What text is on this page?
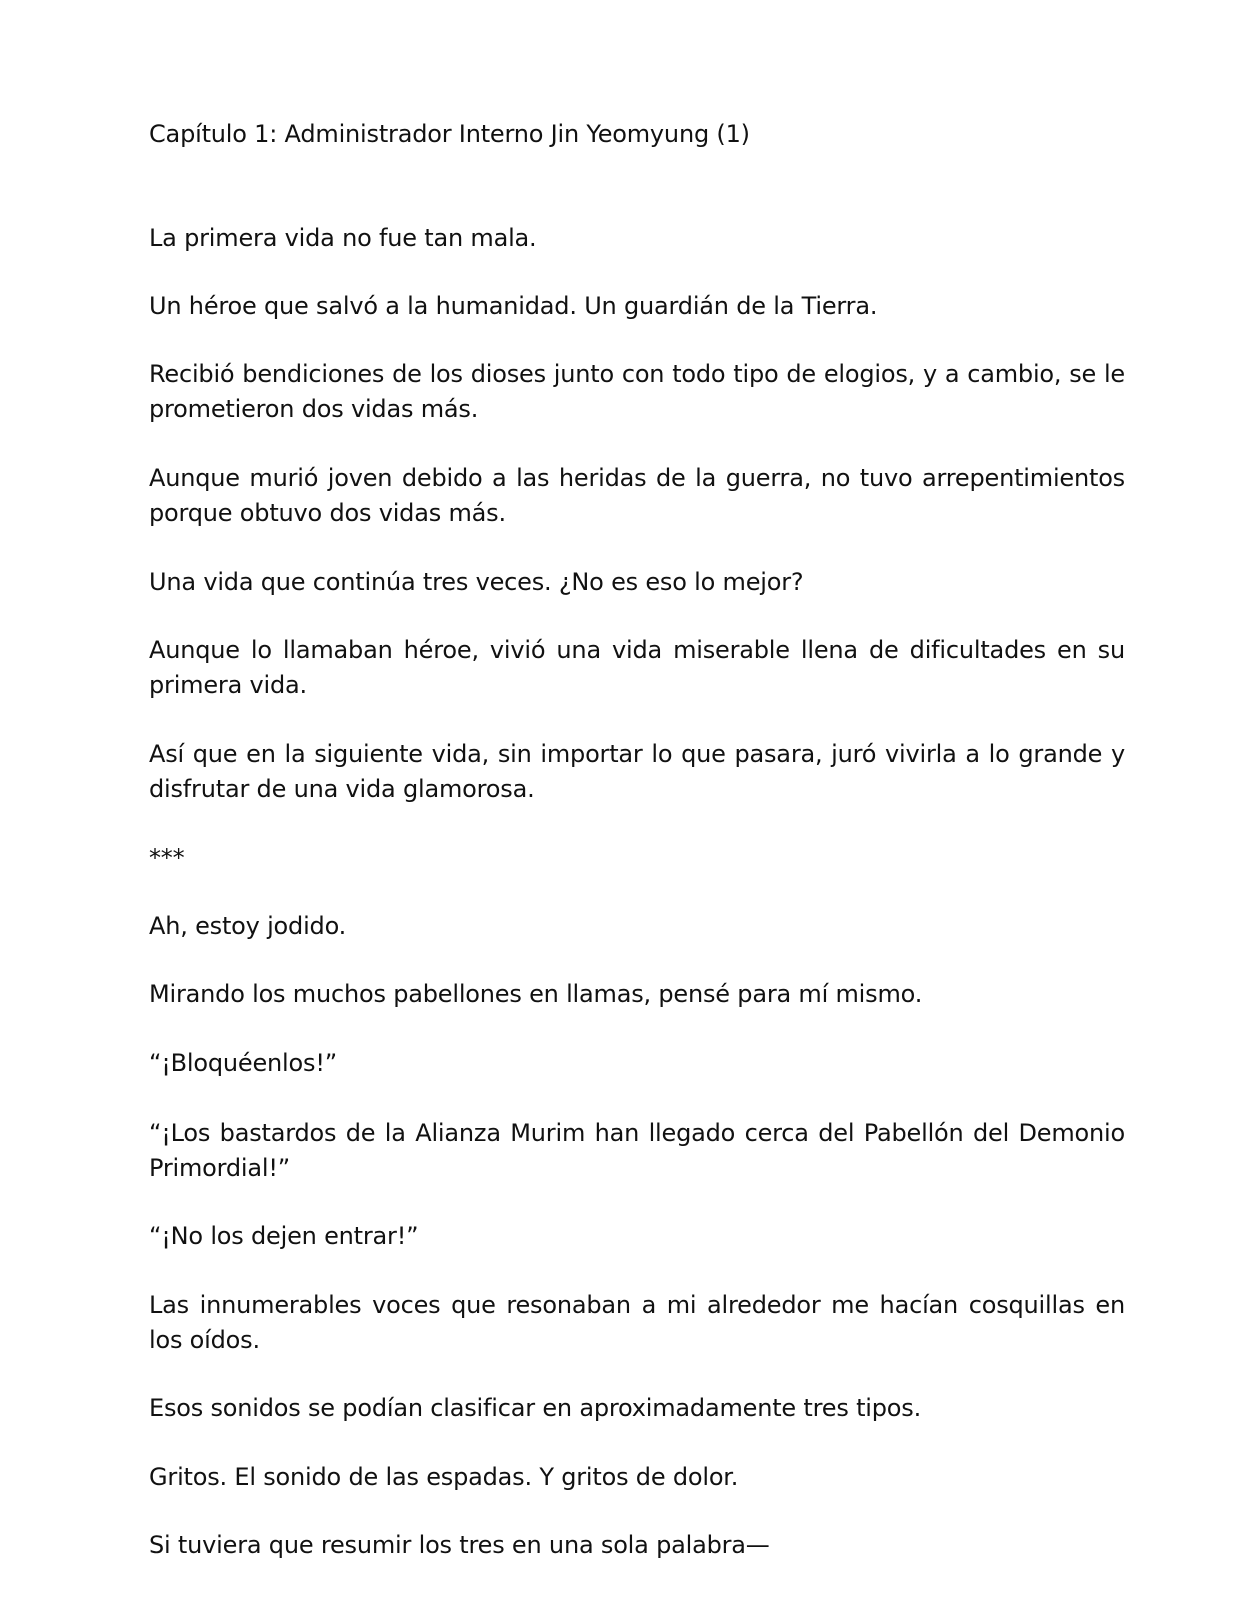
Capítulo 1: Administrador Interno Jin Yeomyung (1)

La primera vida no fue tan mala.

Un héroe que salvó a la humanidad. Un guardián de la Tierra.

Recibió bendiciones de los dioses junto con todo tipo de elogios, y a cambio, se le prometieron dos vidas más.

Aunque murió joven debido a las heridas de la guerra, no tuvo arrepentimientos porque obtuvo dos vidas más.

Una vida que continúa tres veces. ¿No es eso lo mejor?

Aunque lo llamaban héroe, vivió una vida miserable llena de dificultades en su primera vida.

Así que en la siguiente vida, sin importar lo que pasara, juró vivirla a lo grande y disfrutar de una vida glamorosa.

***

Ah, estoy jodido.

Mirando los muchos pabellones en llamas, pensé para mí mismo.

“¡Bloquéenlos!”

“¡Los bastardos de la Alianza Murim han llegado cerca del Pabellón del Demonio Primordial!”

“¡No los dejen entrar!”

Las innumerables voces que resonaban a mi alrededor me hacían cosquillas en los oídos.

Esos sonidos se podían clasificar en aproximadamente tres tipos.

Gritos. El sonido de las espadas. Y gritos de dolor.

Si tuviera que resumir los tres en una sola palabra—
